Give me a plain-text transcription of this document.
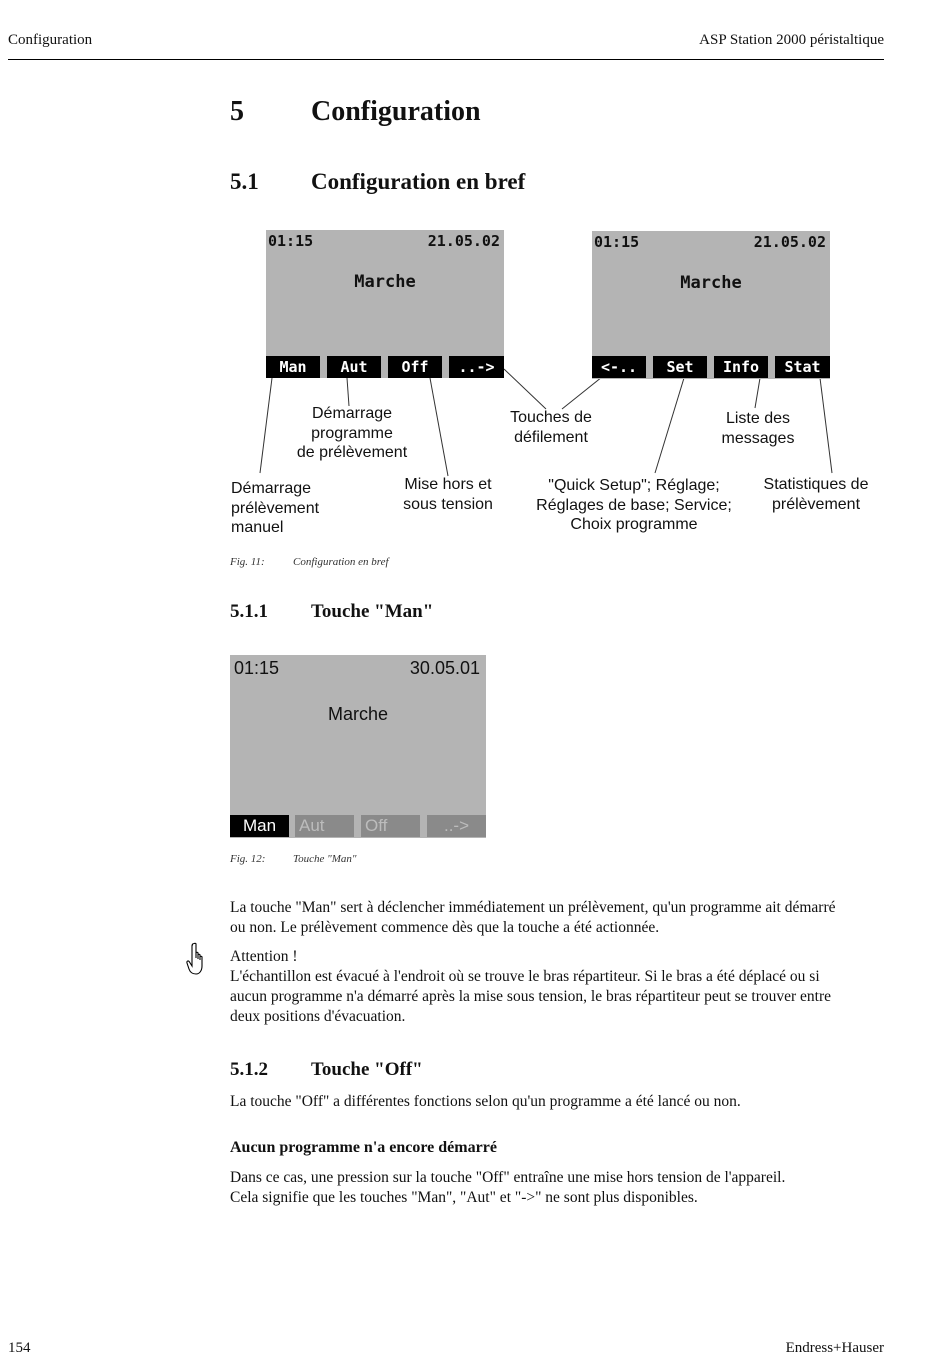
Configuration	ASP Station 2000 péristaltique
5 Configuration
5.1 Configuration en bref
01:15	21.05.02
Marche
Man	Aut	Off	..->
01:15	21.05.02
Marche
<-..	Set	Info	Stat
Démarrage
programme
de prélèvement
Démarrage
prélèvement
manuel
Mise hors et
sous tension
Touches de
défilement
"Quick Setup"; Réglage;
Réglages de base; Service;
Choix programme
Liste des
messages
Statistiques de
prélèvement
Fig. 11:	Configuration en bref
5.1.1 Touche "Man"
01:15	30.05.01
Marche
Man	Aut	Off	..->
Fig. 12:	Touche "Man"
La touche "Man" sert à déclencher immédiatement un prélèvement, qu'un programme ait démarré
ou non. Le prélèvement commence dès que la touche a été actionnée.
Attention !
L'échantillon est évacué à l'endroit où se trouve le bras répartiteur. Si le bras a été déplacé ou si
aucun programme n'a démarré après la mise sous tension, le bras répartiteur peut se trouver entre
deux positions d'évacuation.
5.1.2 Touche "Off"
La touche "Off" a différentes fonctions selon qu'un programme a été lancé ou non.
Aucun programme n'a encore démarré
Dans ce cas, une pression sur la touche "Off" entraîne une mise hors tension de l'appareil.
Cela signifie que les touches "Man", "Aut" et "->" ne sont plus disponibles.
154	Endress+Hauser
